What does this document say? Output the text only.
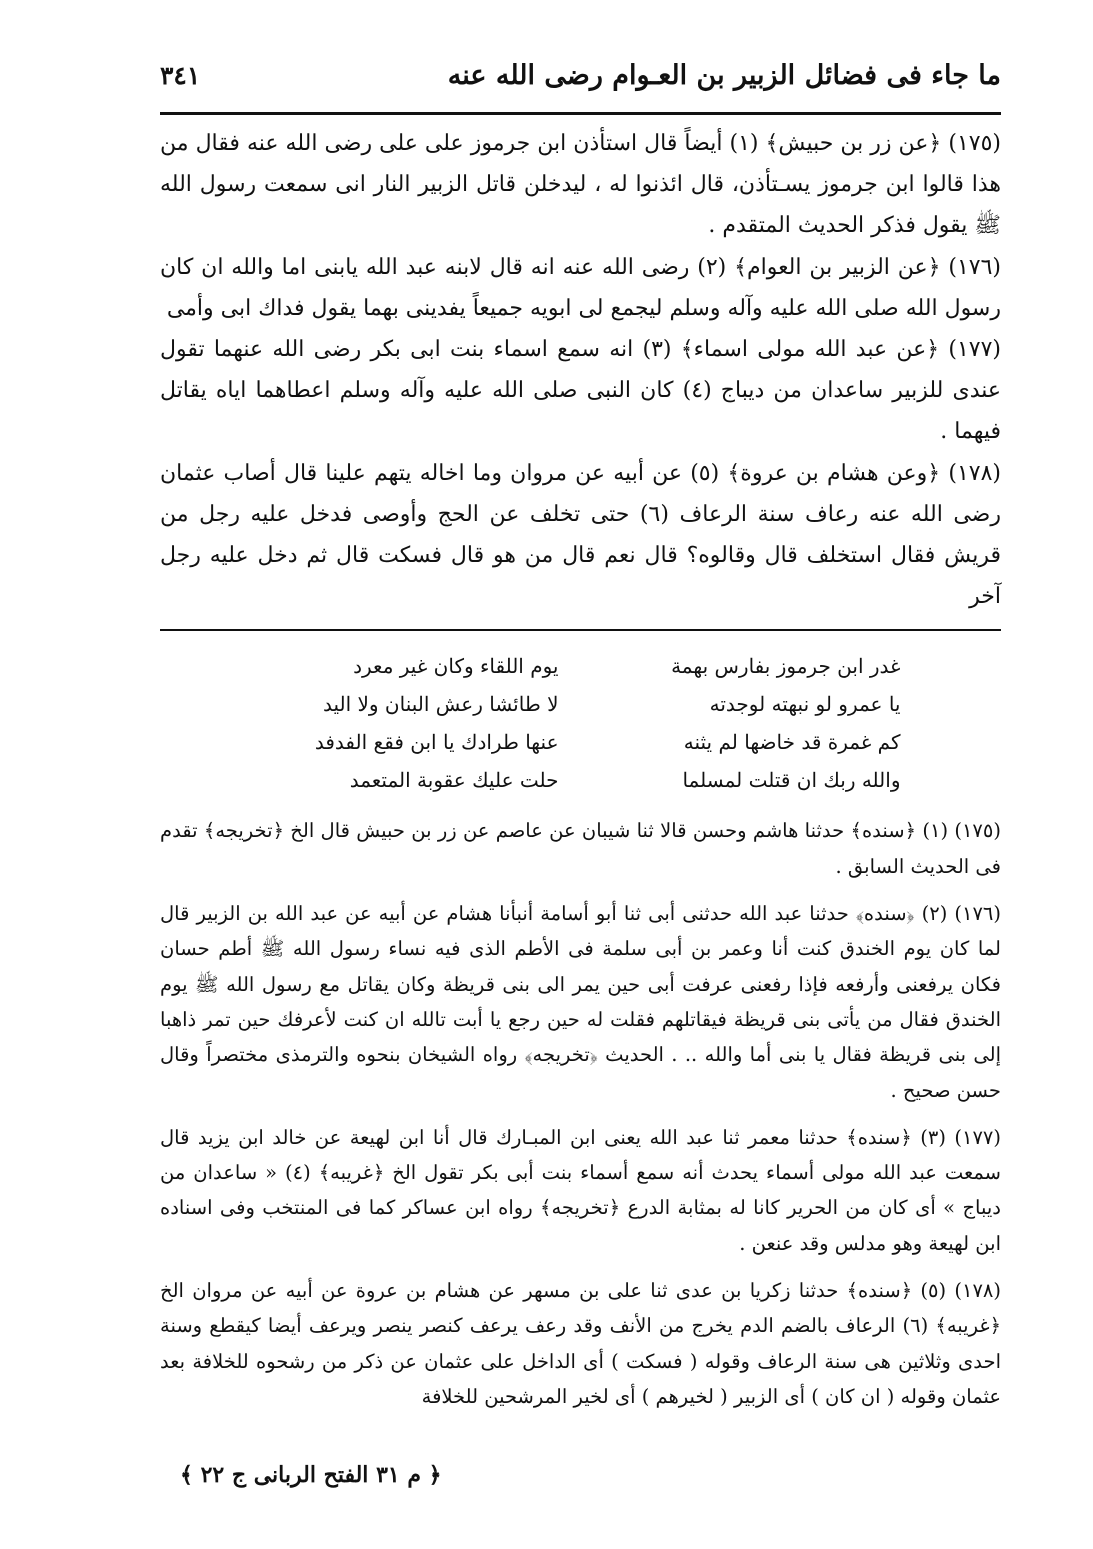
ما جاء فى فضائل الزبير بن العـوام رضى الله عنه
٣٤١

(١٧٥) ﴿عن زر بن حبيش﴾ (١) أيضاً قال استأذن ابن جرموز على على رضى الله عنه فقال من هذا قالوا ابن جرموز يسـتأذن، قال ائذنوا له ، ليدخلن قاتل الزبير النار انى سمعت رسول الله ﷺ يقول فذكر الحديث المتقدم .

(١٧٦) ﴿عن الزبير بن العوام﴾ (٢) رضى الله عنه انه قال لابنه عبد الله يابنى اما والله ان كان رسول الله صلى الله عليه وآله وسلم ليجمع لى ابويه جميعاً يفدينى بهما يقول فداك ابى وأمى

(١٧٧) ﴿عن عبد الله مولى اسماء﴾ (٣) انه سمع اسماء بنت ابى بكر رضى الله عنهما تقول عندى للزبير ساعدان من ديباج (٤) كان النبى صلى الله عليه وآله وسلم اعطاهما اياه يقاتل فيهما .

(١٧٨) ﴿وعن هشام بن عروة﴾ (٥) عن أبيه عن مروان وما اخاله يتهم علينا قال أصاب عثمان رضى الله عنه رعاف سنة الرعاف (٦) حتى تخلف عن الحج وأوصى فدخل عليه رجل من قريش فقال استخلف قال وقالوه؟ قال نعم قال من هو قال فسكت قال ثم دخل عليه رجل آخر

غدر ابن جرموز بفارس بهمة
يوم اللقاء وكان غير معرد
يا عمرو لو نبهته لوجدته
لا طائشا رعش البنان ولا اليد
كم غمرة قد خاضها لم يثنه
عنها طرادك يا ابن فقع الفدفد
والله ربك ان قتلت لمسلما
حلت عليك عقوبة المتعمد

(١٧٥) (١) ﴿سنده﴾ حدثنا هاشم وحسن قالا ثنا شيبان عن عاصم عن زر بن حبيش قال الخ ﴿تخريجه﴾ تقدم فى الحديث السابق .

(١٧٦) (٢) ﴿سنده﴾ حدثنا عبد الله حدثنى أبى ثنا أبو أسامة أنبأنا هشام عن أبيه عن عبد الله بن الزبير قال لما كان يوم الخندق كنت أنا وعمر بن أبى سلمة فى الأطم الذى فيه نساء رسول الله ﷺ أطم حسان فكان يرفعنى وأرفعه فإذا رفعنى عرفت أبى حين يمر الى بنى قريظة وكان يقاتل مع رسول الله ﷺ يوم الخندق فقال من يأتى بنى قريظة فيقاتلهم فقلت له حين رجع يا أبت تالله ان كنت لأعرفك حين تمر ذاهبا إلى بنى قريظة فقال يا بنى أما والله .. . الحديث ﴿تخريجه﴾ رواه الشيخان بنحوه والترمذى مختصراً وقال حسن صحيح .

(١٧٧) (٣) ﴿سنده﴾ حدثنا معمر ثنا عبد الله يعنى ابن المبـارك قال أنا ابن لهيعة عن خالد ابن يزيد قال سمعت عبد الله مولى أسماء يحدث أنه سمع أسماء بنت أبى بكر تقول الخ ﴿غريبه﴾ (٤) « ساعدان من ديباج » أى كان من الحرير كانا له بمثابة الدرع ﴿تخريجه﴾ رواه ابن عساكر كما فى المنتخب وفى اسناده ابن لهيعة وهو مدلس وقد عنعن .

(١٧٨) (٥) ﴿سنده﴾ حدثنا زكريا بن عدى ثنا على بن مسهر عن هشام بن عروة عن أبيه عن مروان الخ ﴿غريبه﴾ (٦) الرعاف بالضم الدم يخرج من الأنف وقد رعف يرعف كنصر ينصر ويرعف أيضا كيقطع وسنة احدى وثلاثين هى سنة الرعاف وقوله ( فسكت ) أى الداخل على عثمان عن ذكر من رشحوه للخلافة بعد عثمان وقوله ( ان كان ) أى الزبير ( لخيرهم ) أى لخير المرشحين للخلافة

﴿ م ٣١ الفتح الربانى ج ٢٢ ﴾
